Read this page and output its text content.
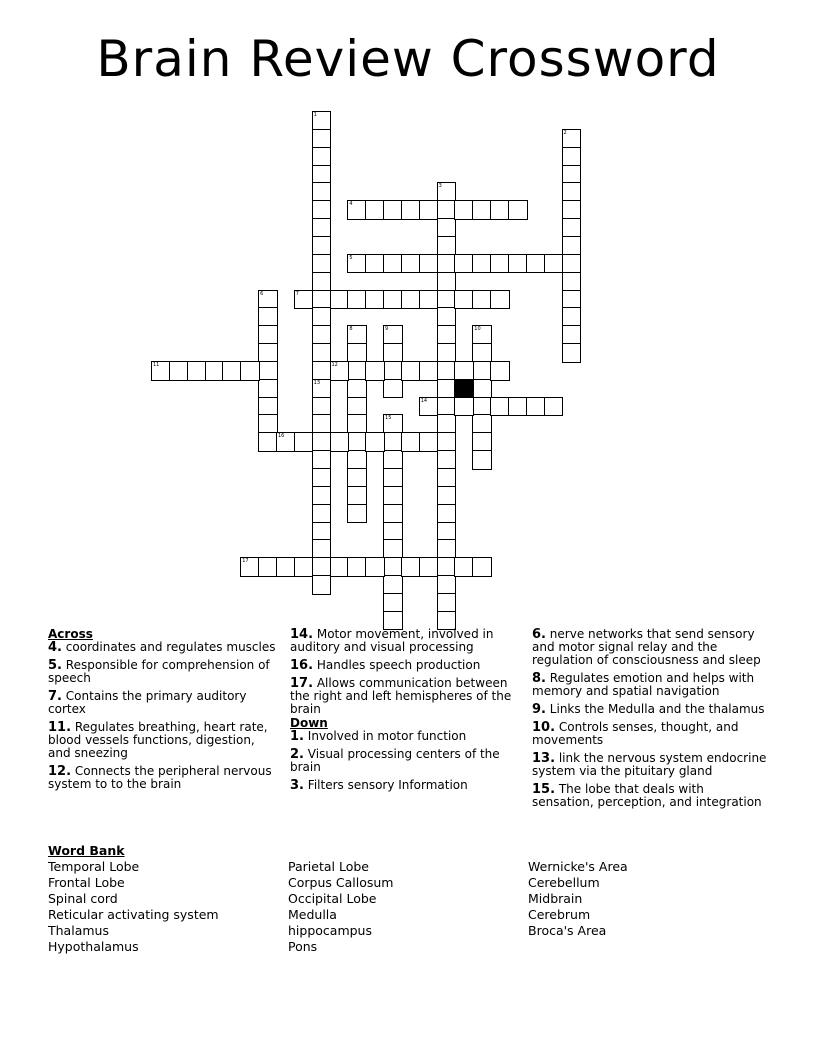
Brain Review Crossword
1
13
2
3
4
5
6	7
8	9	10
11	12
14
15
16
17
Across
4. coordinates and regulates muscles
5. Responsible for comprehension of speech
7. Contains the primary auditory cortex
11. Regulates breathing, heart rate, blood vessels functions, digestion, and sneezing
12. Connects the peripheral nervous system to to the brain
14. Motor movement, involved in auditory and visual processing
16. Handles speech production
17. Allows communication between the right and left hemispheres of the brain
Down
1. Involved in motor function
2. Visual processing centers of the brain
3. Filters sensory Information
6. nerve networks that send sensory and motor signal relay and the regulation of consciousness and sleep
8. Regulates emotion and helps with memory and spatial navigation
9. Links the Medulla and the thalamus
10. Controls senses, thought, and movements
13. link the nervous system endocrine system via the pituitary gland
15. The lobe that deals with sensation, perception, and integration
Word Bank
Temporal Lobe
Frontal Lobe
Spinal cord
Reticular activating system
Thalamus
Hypothalamus
Parietal Lobe
Corpus Callosum
Occipital Lobe
Medulla
hippocampus
Pons
Wernicke's Area
Cerebellum
Midbrain
Cerebrum
Broca's Area
